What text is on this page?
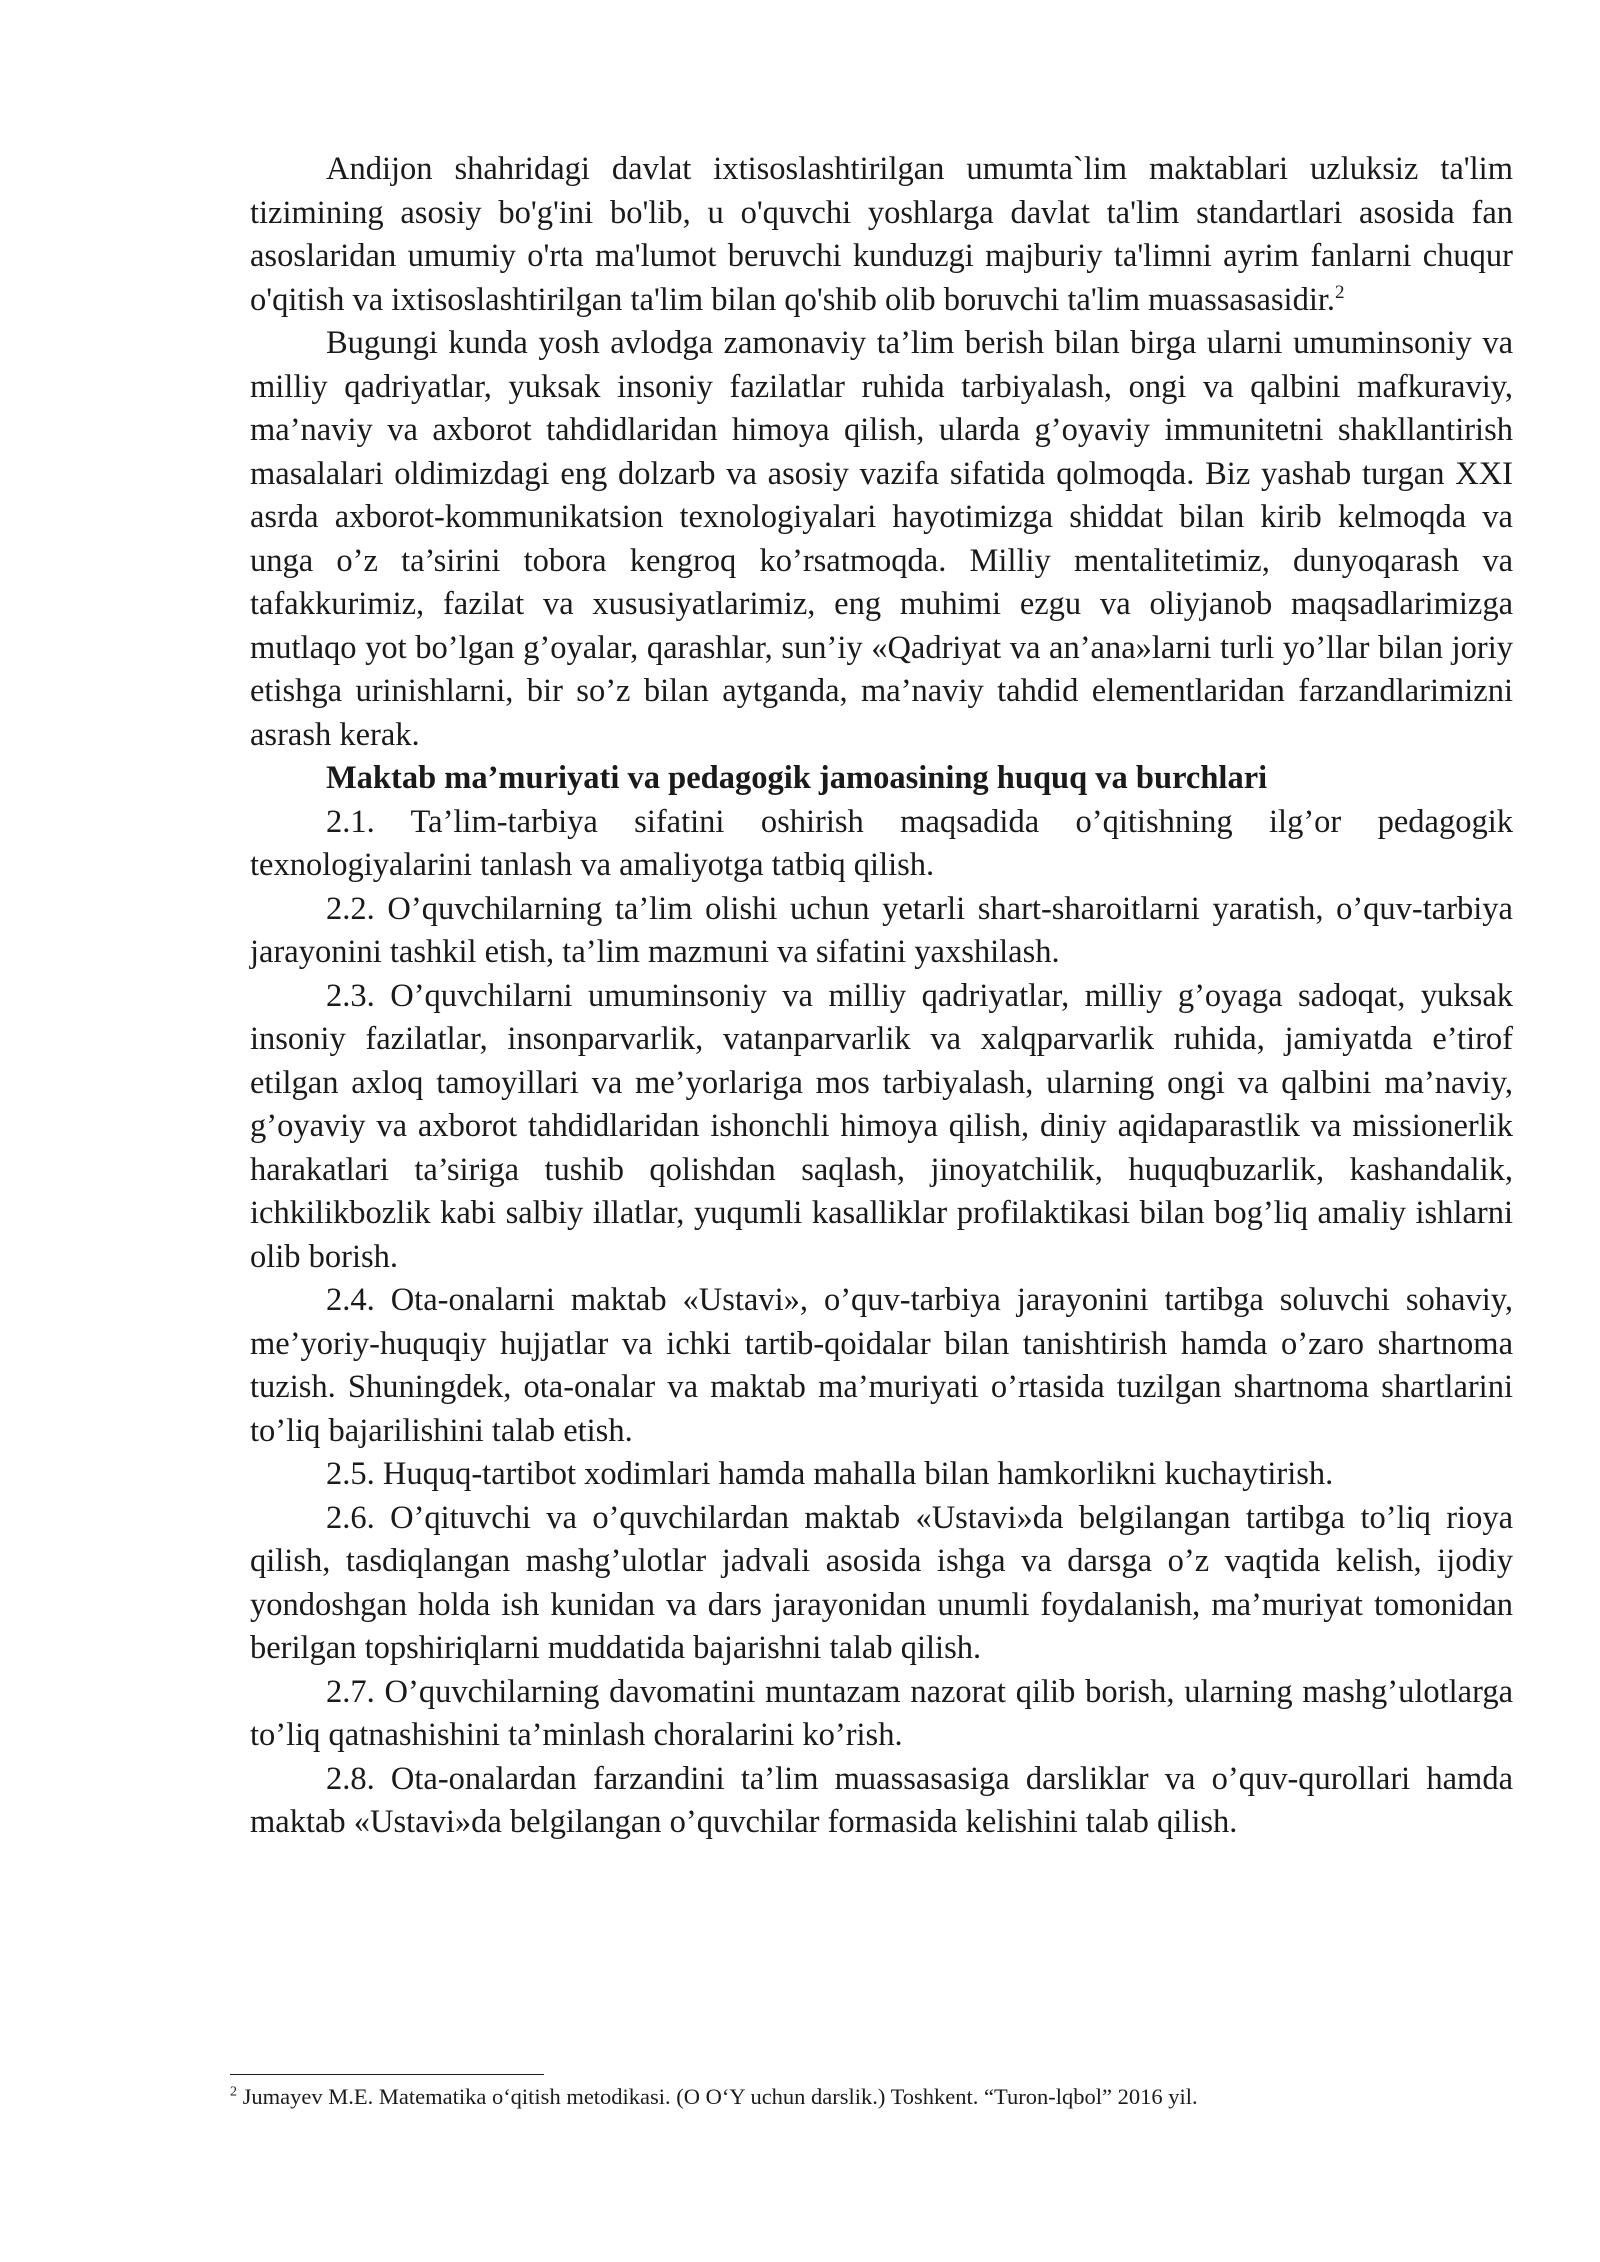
Andijon shahridagi davlat ixtisoslashtirilgan umumta`lim maktablari uzluksiz ta'lim tizimining asosiy bo'g'ini bo'lib, u o'quvchi yoshlarga davlat ta'lim standartlari asosida fan asoslaridan umumiy o'rta ma'lumot beruvchi kunduzgi majburiy ta'limni ayrim fanlarni chuqur o'qitish va ixtisoslashtirilgan ta'lim bilan qo'shib olib boruvchi ta'lim muassasasidir.$^2$

Bugungi kunda yosh avlodga zamonaviy ta’lim berish bilan birga ularni umuminsoniy va milliy qadriyatlar, yuksak insoniy fazilatlar ruhida tarbiyalash, ongi va qalbini mafkuraviy, ma’naviy va axborot tahdidlaridan himoya qilish, ularda g’oyaviy immunitetni shakllantirish masalalari oldimizdagi eng dolzarb va asosiy vazifa sifatida qolmoqda. Biz yashab turgan XXI asrda axborot-kommunikatsion texnologiyalari hayotimizga shiddat bilan kirib kelmoqda va unga o’z ta’sirini tobora kengroq ko’rsatmoqda. Milliy mentalitetimiz, dunyoqarash va tafakkurimiz, fazilat va xususiyatlarimiz, eng muhimi ezgu va oliyjanob maqsadlarimizga mutlaqo yot bo’lgan g’oyalar, qarashlar, sun’iy «Qadriyat va an’ana»larni turli yo’llar bilan joriy etishga urinishlarni, bir so’z bilan aytganda, ma’naviy tahdid elementlaridan farzandlarimizni asrash kerak.

Maktab ma’muriyati va pedagogik jamoasining huquq va burchlari

2.1. Ta’lim-tarbiya sifatini oshirish maqsadida o’qitishning ilg’or pedagogik texnologiyalarini tanlash va amaliyotga tatbiq qilish.

2.2. O’quvchilarning ta’lim olishi uchun yetarli shart-sharoitlarni yaratish, o’quv-tarbiya jarayonini tashkil etish, ta’lim mazmuni va sifatini yaxshilash.

2.3. O’quvchilarni umuminsoniy va milliy qadriyatlar, milliy g’oyaga sadoqat, yuksak insoniy fazilatlar, insonparvarlik, vatanparvarlik va xalqparvarlik ruhida, jamiyatda e’tirof etilgan axloq tamoyillari va me’yorlariga mos tarbiyalash, ularning ongi va qalbini ma’naviy, g’oyaviy va axborot tahdidlaridan ishonchli himoya qilish, diniy aqidaparastlik va missionerlik harakatlari ta’siriga tushib qolishdan saqlash, jinoyatchilik, huquqbuzarlik, kashandalik, ichkilikbozlik kabi salbiy illatlar, yuqumli kasalliklar profilaktikasi bilan bog’liq amaliy ishlarni olib borish.

2.4. Ota-onalarni maktab «Ustavi», o’quv-tarbiya jarayonini tartibga soluvchi sohaviy, me’yoriy-huquqiy hujjatlar va ichki tartib-qoidalar bilan tanishtirish hamda o’zaro shartnoma tuzish. Shuningdek, ota-onalar va maktab ma’muriyati o’rtasida tuzilgan shartnoma shartlarini to’liq bajarilishini talab etish.

2.5. Huquq-tartibot xodimlari hamda mahalla bilan hamkorlikni kuchaytirish.

2.6. O’qituvchi va o’quvchilardan maktab «Ustavi»da belgilangan tartibga to’liq rioya qilish, tasdiqlangan mashg’ulotlar jadvali asosida ishga va darsga o’z vaqtida kelish, ijodiy yondoshgan holda ish kunidan va dars jarayonidan unumli foydalanish, ma’muriyat tomonidan berilgan topshiriqlarni muddatida bajarishni talab qilish.

2.7. O’quvchilarning davomatini muntazam nazorat qilib borish, ularning mashg’ulotlarga to’liq qatnashishini ta’minlash choralarini ko’rish.

2.8. Ota-onalardan farzandini ta’lim muassasasiga darsliklar va o’quv-qurollari hamda maktab «Ustavi»da belgilangan o’quvchilar formasida kelishini talab qilish.

$^2$ Jumayev M.E. Matematika o‘qitish metodikasi. (O O‘Y uchun darslik.) Toshkent. “Turon-lqbol” 2016 yil.
